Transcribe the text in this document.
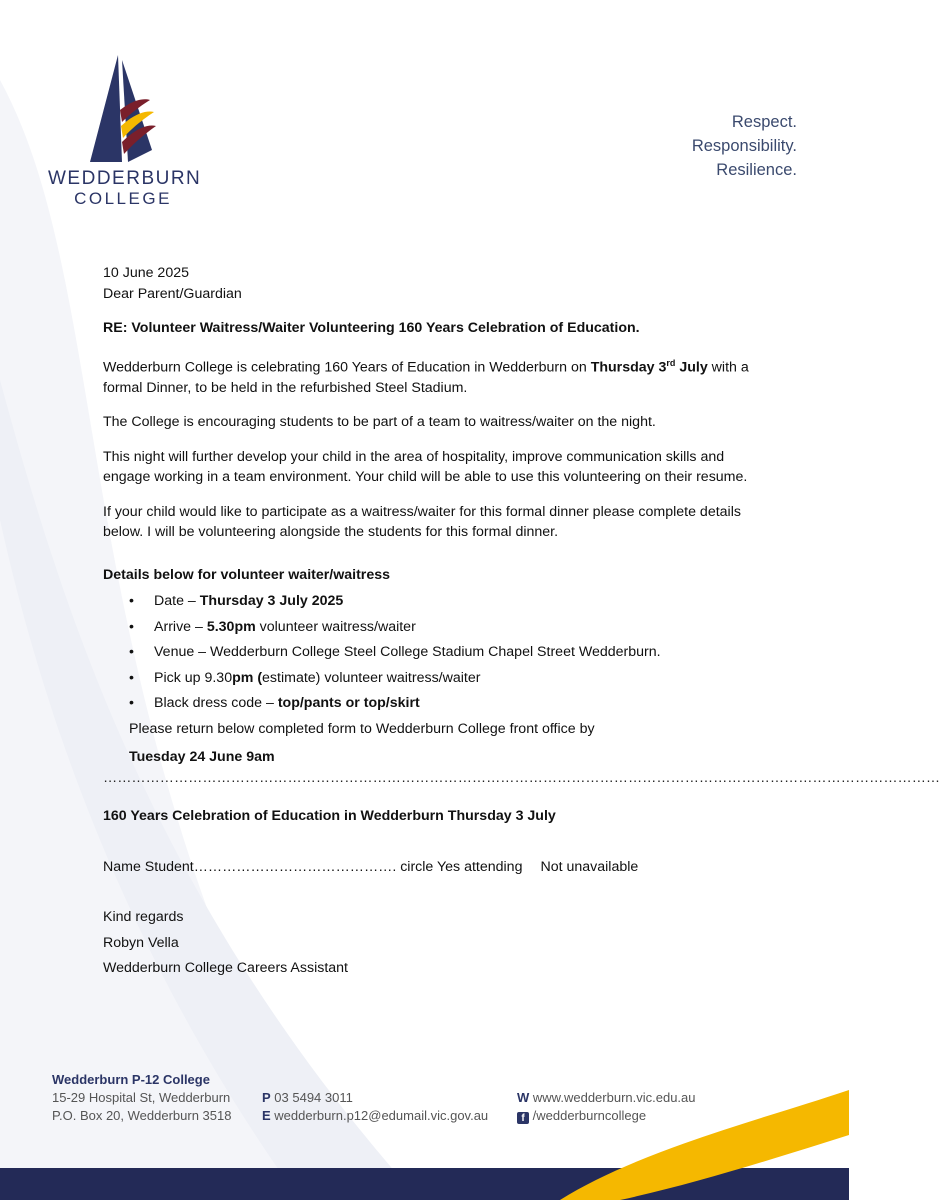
WEDDERBURN
COLLEGE
Respect.
Responsibility.
Resilience.

10 June 2025

Dear Parent/Guardian

RE: Volunteer Waitress/Waiter Volunteering 160 Years Celebration of Education.

Wedderburn College is celebrating 160 Years of Education in Wedderburn on Thursday 3rd July with a formal Dinner, to be held in the refurbished Steel Stadium.

The College is encouraging students to be part of a team to waitress/waiter on the night.

This night will further develop your child in the area of hospitality, improve communication skills and engage working in a team environment. Your child will be able to use this volunteering on their resume.

If your child would like to participate as a waitress/waiter for this formal dinner please complete details below. I will be volunteering alongside the students for this formal dinner.

Details below for volunteer waiter/waitress

• Date – Thursday 3 July 2025
• Arrive – 5.30pm volunteer waitress/waiter
• Venue – Wedderburn College Steel College Stadium Chapel Street Wedderburn.
• Pick up 9.30pm (estimate) volunteer waitress/waiter
• Black dress code – top/pants or top/skirt

Please return below completed form to Wedderburn College front office by

Tuesday 24 June 9am

……………………………………………………………………………………………………………………………………………………………

160 Years Celebration of Education in Wedderburn Thursday 3 July

Name Student……………………………………. circle Yes attending Not unavailable

Kind regards

Robyn Vella

Wedderburn College Careers Assistant

Wedderburn P-12 College
15-29 Hospital St, Wedderburn
P.O. Box 20, Wedderburn 3518
P 03 5494 3011
E wedderburn.p12@edumail.vic.gov.au
W www.wedderburn.vic.edu.au
f /wedderburncollege
